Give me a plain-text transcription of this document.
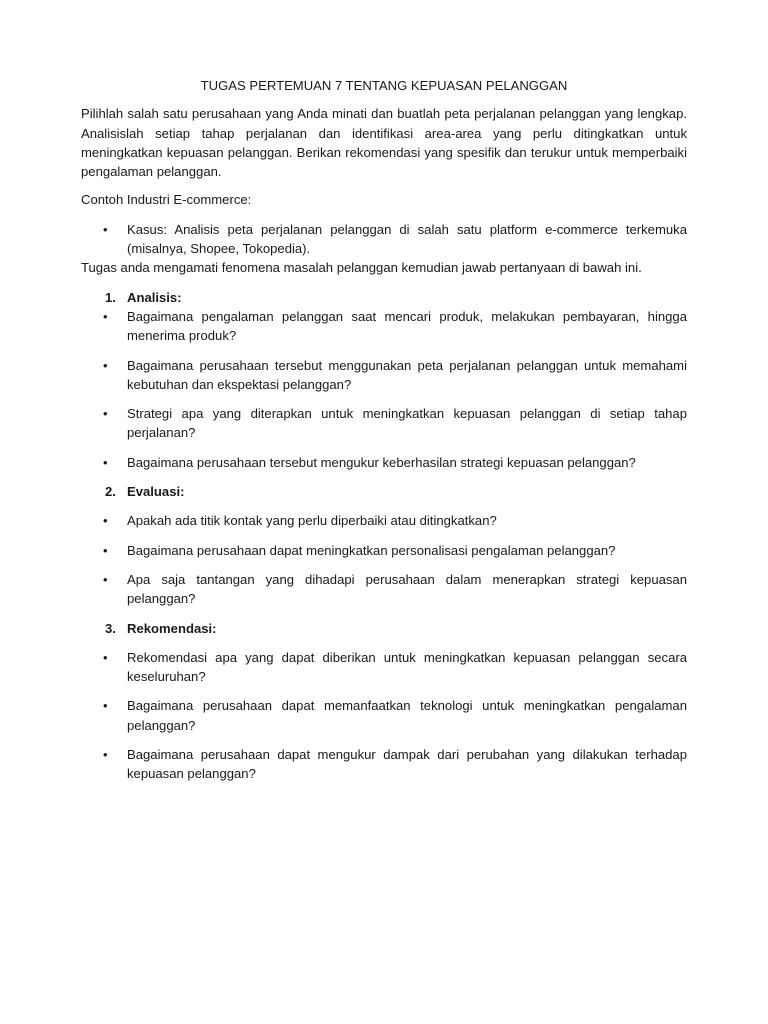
TUGAS PERTEMUAN 7 TENTANG KEPUASAN PELANGGAN

Pilihlah salah satu perusahaan yang Anda minati dan buatlah peta perjalanan pelanggan yang lengkap. Analisislah setiap tahap perjalanan dan identifikasi area-area yang perlu ditingkatkan untuk meningkatkan kepuasan pelanggan. Berikan rekomendasi yang spesifik dan terukur untuk memperbaiki pengalaman pelanggan.

Contoh Industri E-commerce:

• Kasus: Analisis peta perjalanan pelanggan di salah satu platform e-commerce terkemuka (misalnya, Shopee, Tokopedia).

Tugas anda mengamati fenomena masalah pelanggan kemudian jawab pertanyaan di bawah ini.

1. Analisis:
• Bagaimana pengalaman pelanggan saat mencari produk, melakukan pembayaran, hingga menerima produk?
• Bagaimana perusahaan tersebut menggunakan peta perjalanan pelanggan untuk memahami kebutuhan dan ekspektasi pelanggan?
• Strategi apa yang diterapkan untuk meningkatkan kepuasan pelanggan di setiap tahap perjalanan?
• Bagaimana perusahaan tersebut mengukur keberhasilan strategi kepuasan pelanggan?
2. Evaluasi:
• Apakah ada titik kontak yang perlu diperbaiki atau ditingkatkan?
• Bagaimana perusahaan dapat meningkatkan personalisasi pengalaman pelanggan?
• Apa saja tantangan yang dihadapi perusahaan dalam menerapkan strategi kepuasan pelanggan?
3. Rekomendasi:
• Rekomendasi apa yang dapat diberikan untuk meningkatkan kepuasan pelanggan secara keseluruhan?
• Bagaimana perusahaan dapat memanfaatkan teknologi untuk meningkatkan pengalaman pelanggan?
• Bagaimana perusahaan dapat mengukur dampak dari perubahan yang dilakukan terhadap kepuasan pelanggan?
